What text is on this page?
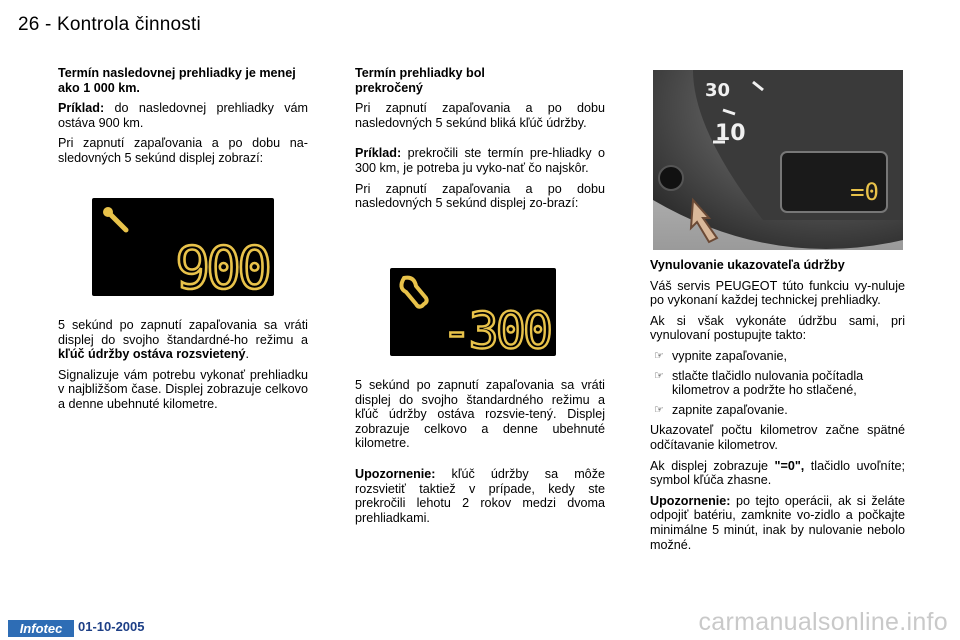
26 - Kontrola činnosti
Termín nasledovnej prehliadky je menej ako 1 000 km.

Príklad: do nasledovnej prehliadky vám ostáva 900 km.

Pri zapnutí zapaľovania a po dobu na-sledovných 5 sekúnd displej zobrazí:

900

5 sekúnd po zapnutí zapaľovania sa vráti displej do svojho štandardné-ho režimu a kľúč údržby ostáva rozsvietený.

Signalizuje vám potrebu vykonať prehliadku v najbližšom čase. Displej zobrazuje celkovo a denne ubehnuté kilometre.

Termín prehliadky bol prekročený

Pri zapnutí zapaľovania a po dobu nasledovných 5 sekúnd bliká kľúč údržby.

Príklad: prekročili ste termín pre-hliadky o 300 km, je potreba ju vyko-nať čo najskôr.

Pri zapnutí zapaľovania a po dobu nasledovných 5 sekúnd displej zo-brazí:

-300

5 sekúnd po zapnutí zapaľovania sa vráti displej do svojho štandardného režimu a kľúč údržby ostáva rozsvie-tený. Displej zobrazuje celkovo a denne ubehnuté kilometre.

Upozornenie: kľúč údržby sa môže rozsvietiť taktiež v prípade, kedy ste prekročili lehotu 2 rokov medzi dvoma prehliadkami.

30
10
=0
Vynulovanie ukazovateľa údržby

Váš servis PEUGEOT túto funkciu vy-nuluje po vykonaní každej technickej prehliadky.

Ak si však vykonáte údržbu sami, pri vynulovaní postupujte takto:

☞ vypnite zapaľovanie,
☞ stlačte tlačidlo nulovania počítadla kilometrov a podržte ho stlačené,
☞ zapnite zapaľovanie.

Ukazovateľ počtu kilometrov začne spätné odčítavanie kilometrov.

Ak displej zobrazuje "=0", tlačidlo uvoľníte; symbol kľúča zhasne.

Upozornenie: po tejto operácii, ak si želáte odpojiť batériu, zamknite vo-zidlo a počkajte minimálne 5 minút, inak by nulovanie nebolo možné.

Infotec	01-10-2005	carmanualsonline.info
